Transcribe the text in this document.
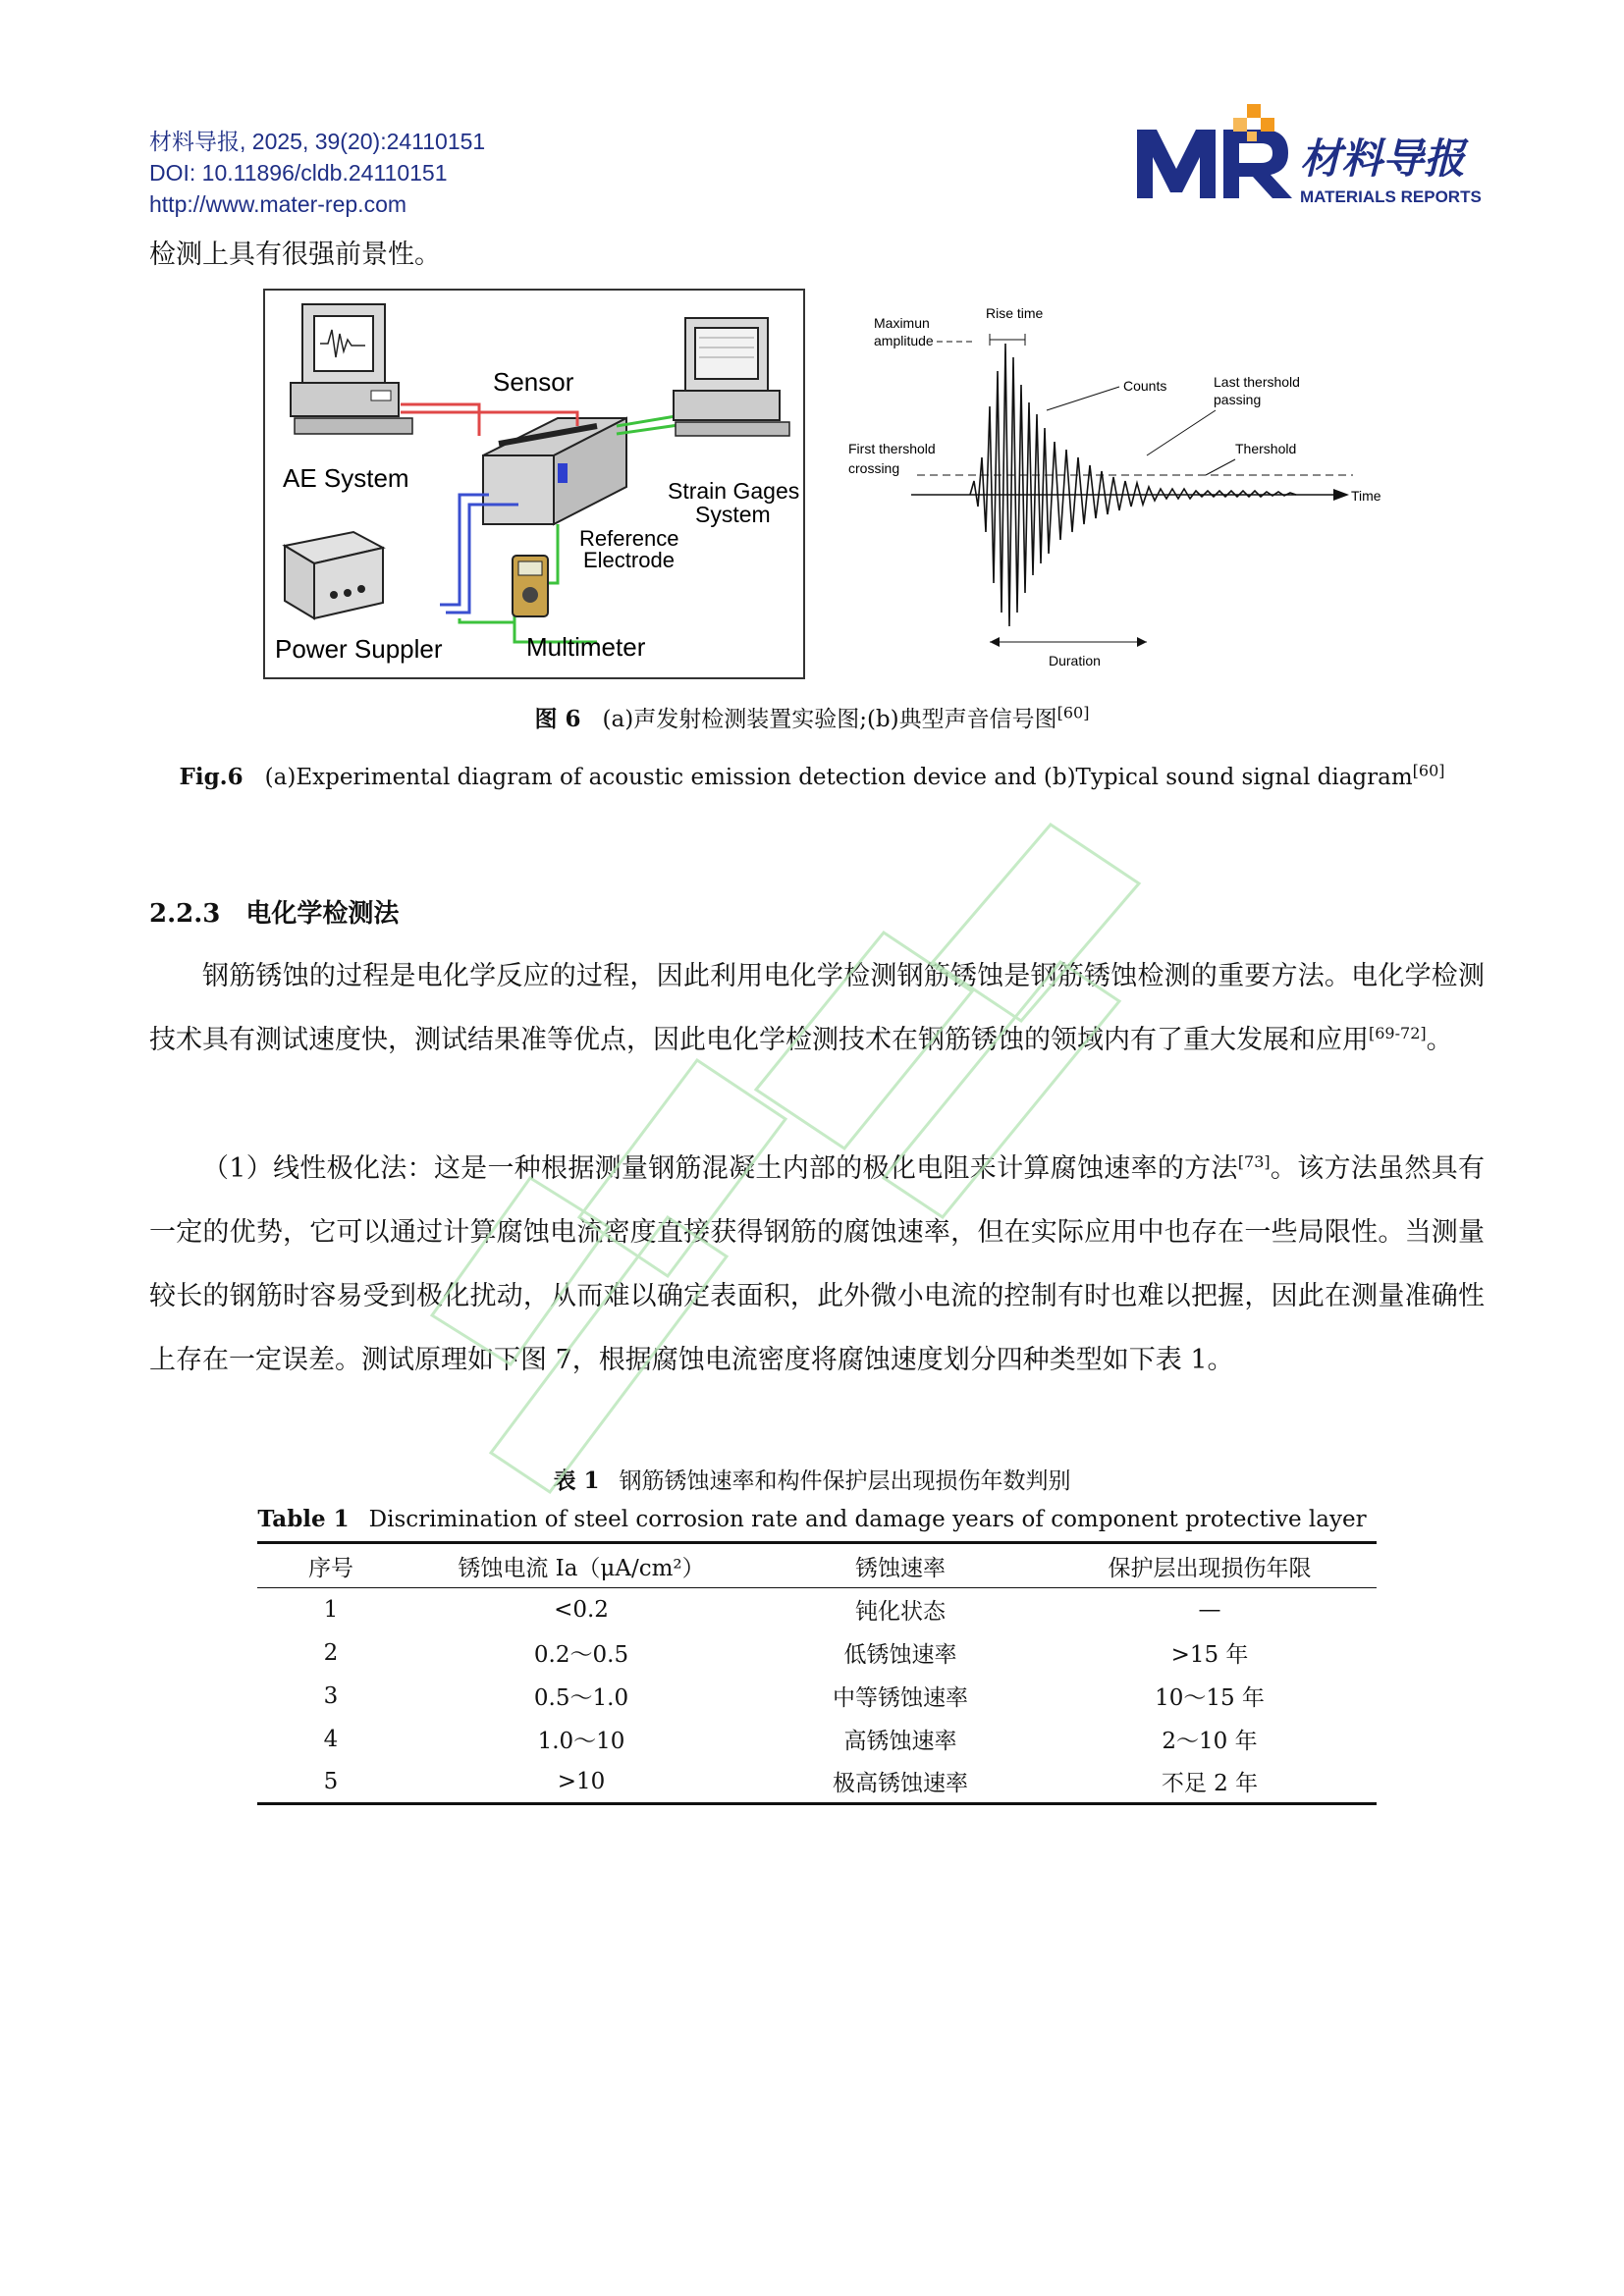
材料导报, 2025, 39(20):24110151
DOI: 10.11896/cldb.24110151
http://www.mater-rep.com
材料导报
MATERIALS REPORTS
检测上具有很强前景性。
AE System
Sensor
Strain Gages
System
Reference
Electrode
Power Suppler	Multimeter
Maximun
amplitude
Rise time
Counts	Last thershold
passing
First thershold
crossing
Thershold
Time
Duration
图 6 (a)声发射检测装置实验图;(b)典型声音信号图[60]
Fig.6 (a)Experimental diagram of acoustic emission detection device and (b)Typical sound signal diagram[60]
2.2.3 电化学检测法
钢筋锈蚀的过程是电化学反应的过程，因此利用电化学检测钢筋锈蚀是钢筋锈蚀检测的重要方法。电化学检测技术具有测试速度快，测试结果准等优点，因此电化学检测技术在钢筋锈蚀的领域内有了重大发展和应用[69-72]。
（1）线性极化法：这是一种根据测量钢筋混凝土内部的极化电阻来计算腐蚀速率的方法[73]。该方法虽然具有一定的优势，它可以通过计算腐蚀电流密度直接获得钢筋的腐蚀速率，但在实际应用中也存在一些局限性。当测量较长的钢筋时容易受到极化扰动，从而难以确定表面积，此外微小电流的控制有时也难以把握，因此在测量准确性上存在一定误差。测试原理如下图 7，根据腐蚀电流密度将腐蚀速度划分四种类型如下表 1。
表 1 钢筋锈蚀速率和构件保护层出现损伤年数判别
Table 1 Discrimination of steel corrosion rate and damage years of component protective layer
序号	锈蚀电流 Ia（μA/cm²）	锈蚀速率	保护层出现损伤年限
1	<0.2	钝化状态	—
2	0.2～0.5	低锈蚀速率	>15 年
3	0.5～1.0	中等锈蚀速率	10～15 年
4	1.0～10	高锈蚀速率	2～10 年
5	>10	极高锈蚀速率	不足 2 年
